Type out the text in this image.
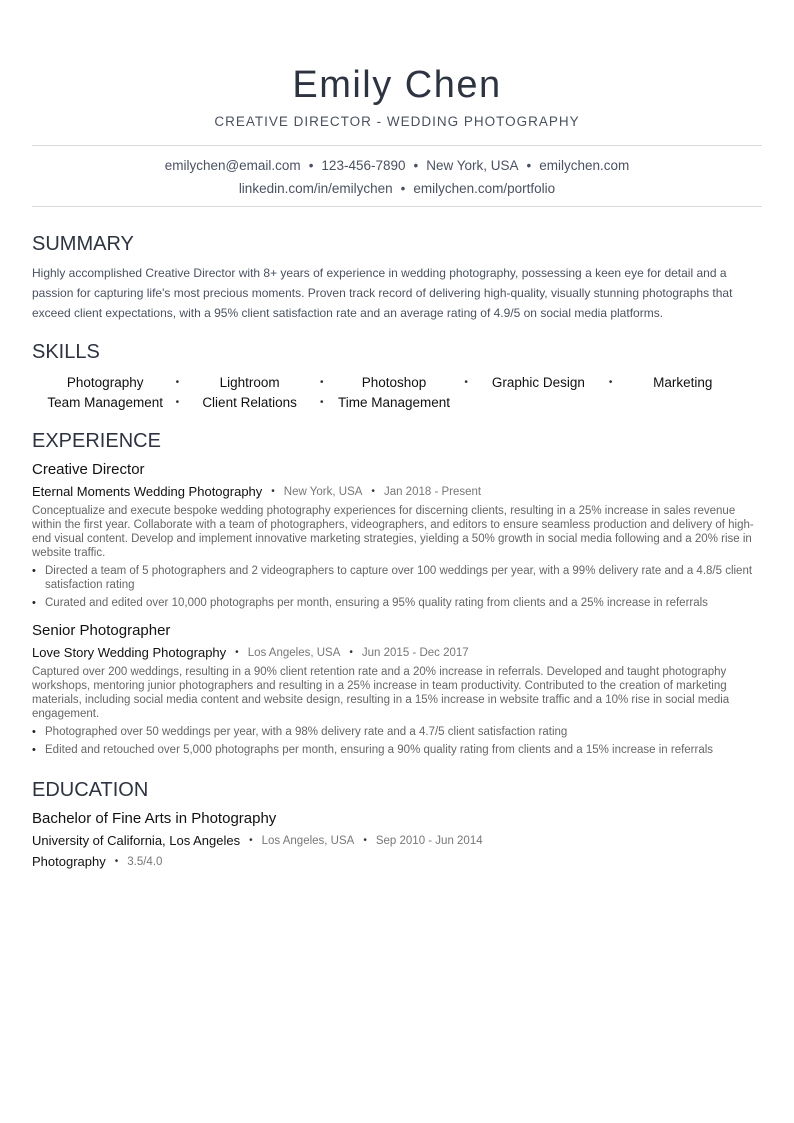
Emily Chen
CREATIVE DIRECTOR - WEDDING PHOTOGRAPHY
emilychen@email.com • 123-456-7890 • New York, USA • emilychen.com
linkedin.com/in/emilychen • emilychen.com/portfolio
SUMMARY
Highly accomplished Creative Director with 8+ years of experience in wedding photography, possessing a keen eye for detail and a passion for capturing life's most precious moments. Proven track record of delivering high-quality, visually stunning photographs that exceed client expectations, with a 95% client satisfaction rate and an average rating of 4.9/5 on social media platforms.
SKILLS
Photography	•	Lightroom	•	Photoshop	•	Graphic Design	•	Marketing
Team Management	•	Client Relations	•	Time Management
EXPERIENCE
Creative Director
Eternal Moments Wedding Photography • New York, USA • Jan 2018 - Present
Conceptualize and execute bespoke wedding photography experiences for discerning clients, resulting in a 25% increase in sales revenue within the first year. Collaborate with a team of photographers, videographers, and editors to ensure seamless production and delivery of high-end visual content. Develop and implement innovative marketing strategies, yielding a 50% growth in social media following and a 20% rise in website traffic.
• Directed a team of 5 photographers and 2 videographers to capture over 100 weddings per year, with a 99% delivery rate and a 4.8/5 client satisfaction rating
• Curated and edited over 10,000 photographs per month, ensuring a 95% quality rating from clients and a 25% increase in referrals
Senior Photographer
Love Story Wedding Photography • Los Angeles, USA • Jun 2015 - Dec 2017
Captured over 200 weddings, resulting in a 90% client retention rate and a 20% increase in referrals. Developed and taught photography workshops, mentoring junior photographers and resulting in a 25% increase in team productivity. Contributed to the creation of marketing materials, including social media content and website design, resulting in a 15% increase in website traffic and a 10% rise in social media engagement.
• Photographed over 50 weddings per year, with a 98% delivery rate and a 4.7/5 client satisfaction rating
• Edited and retouched over 5,000 photographs per month, ensuring a 90% quality rating from clients and a 15% increase in referrals
EDUCATION
Bachelor of Fine Arts in Photography
University of California, Los Angeles • Los Angeles, USA • Sep 2010 - Jun 2014
Photography • 3.5/4.0
